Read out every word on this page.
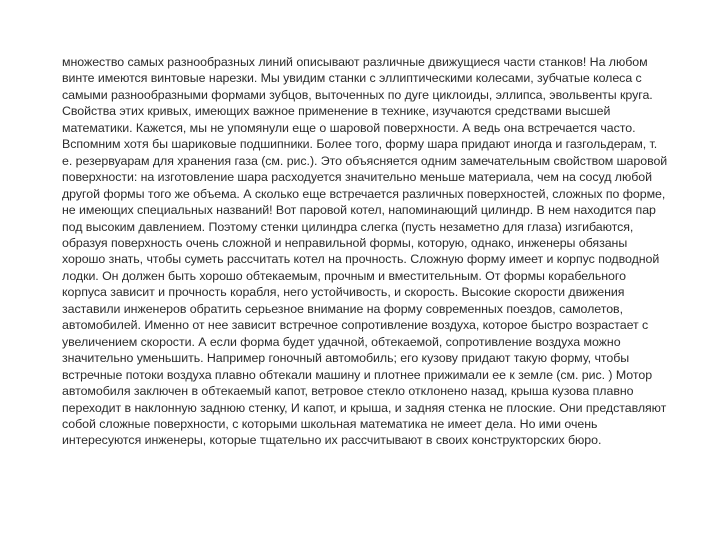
множество самых разнообразных линий описывают различные движущиеся части станков! На любом
винте имеются винтовые нарезки. Мы увидим станки с эллиптическими колесами, зубчатые колеса с
самыми разнообразными формами зубцов, выточенных по дуге циклоиды, эллипса, эвольвенты круга.
Свойства этих кривых, имеющих важное применение в технике, изучаются средствами высшей
математики. Кажется, мы не упомянули еще о шаровой поверхности. А ведь она встречается часто.
Вспомним хотя бы шариковые подшипники. Более того, форму шара придают иногда и газгольдерам, т.
е. резервуарам для хранения газа (см. рис.). Это объясняется одним замечательным свойством шаровой
поверхности: на изготовление шара расходуется значительно меньше материала, чем на сосуд любой
другой формы того же объема. А сколько еще встречается различных поверхностей, сложных по форме,
не имеющих специальных названий! Вот паровой котел, напоминающий цилиндр. В нем находится пар
под высоким давлением. Поэтому стенки цилиндра слегка (пусть незаметно для глаза) изгибаются,
образуя поверхность очень сложной и неправильной формы, которую, однако, инженеры обязаны
хорошо знать, чтобы суметь рассчитать котел на прочность. Сложную форму имеет и корпус подводной
лодки. Он должен быть хорошо обтекаемым, прочным и вместительным. От формы корабельного
корпуса зависит и прочность корабля, него устойчивость, и скорость. Высокие скорости движения
заставили инженеров обратить серьезное внимание на форму современных поездов, самолетов,
автомобилей. Именно от нее зависит встречное сопротивление воздуха, которое быстро возрастает с
увеличением скорости. А если форма будет удачной, обтекаемой, сопротивление воздуха можно
значительно уменьшить. Например гоночный автомобиль; его кузову придают такую форму, чтобы
встречные потоки воздуха плавно обтекали машину и плотнее прижимали ее к земле (см. рис. ) Мотор
автомобиля заключен в обтекаемый капот, ветровое стекло отклонено назад, крыша кузова плавно
переходит в наклонную заднюю стенку, И капот, и крыша, и задняя стенка не плоские. Они представляют
собой сложные поверхности, с которыми школьная математика не имеет дела. Но ими очень
интересуются инженеры, которые тщательно их рассчитывают в своих конструкторских бюро.
